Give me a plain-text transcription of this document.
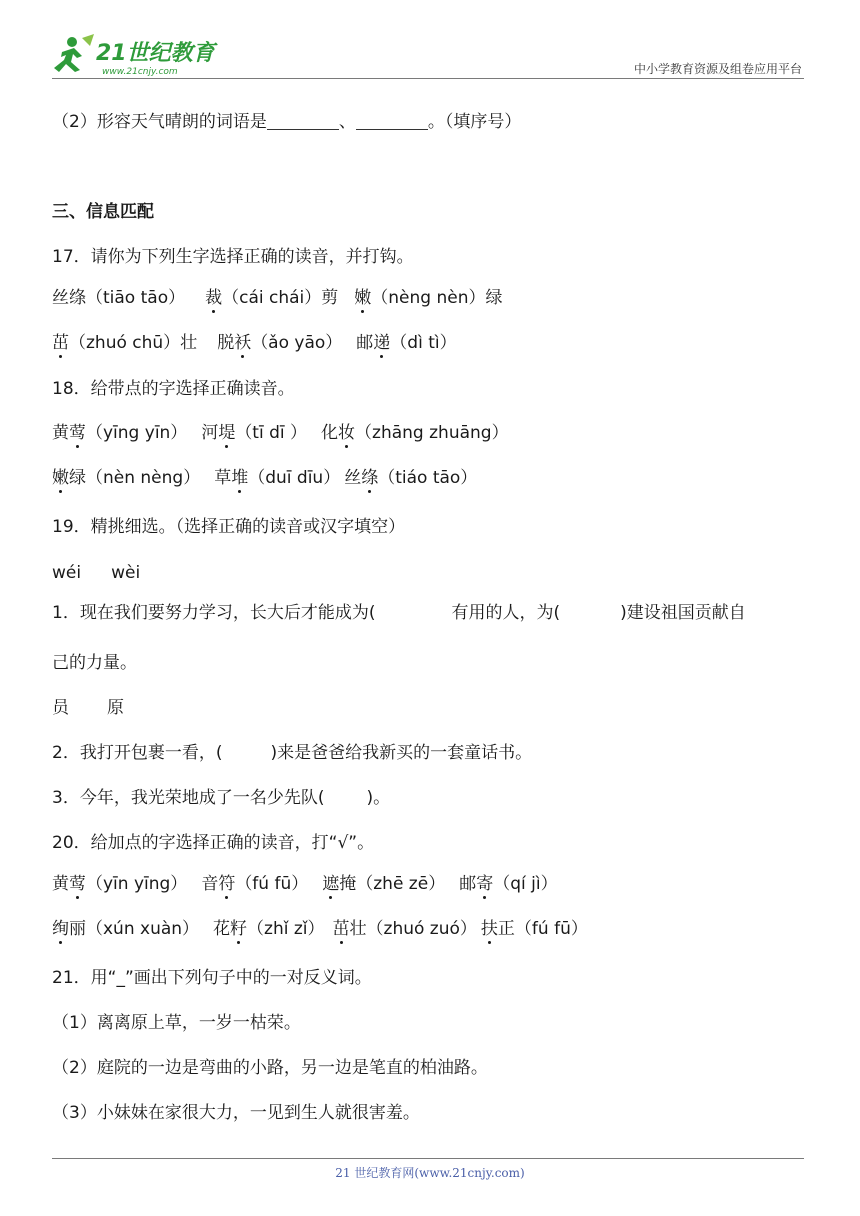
21世纪教育
www.21cnjy.com	中小学教育资源及组卷应用平台
（2）形容天气晴朗的词语是	、	。（填序号）
三、信息匹配
17．请你为下列生字选择正确的读音，并打钩。
丝绦（tiāo tāo） 裁（cái chái）剪 嫩（nèng nèn）绿
茁（zhuó chū）壮 脱袄（ǎo yāo） 邮递（dì tì）
18．给带点的字选择正确读音。
黄莺（yīng yīn） 河堤（tī dī ） 化妆（zhāng zhuāng）
嫩绿（nèn nèng） 草堆（duī dīu） 丝绦（tiáo tāo）
19．精挑细选。（选择正确的读音或汉字填空）
wéi wèi
1．现在我们要努力学习，长大后才能成为(	有用的人，为(	)建设祖国贡献自
己的力量。
员 原
2．我打开包裹一看，(	)来是爸爸给我新买的一套童话书。
3．今年，我光荣地成了一名少先队( )。
20．给加点的字选择正确的读音，打“√”。
黄莺（yīn yīng） 音符（fú fū） 遮掩（zhē zē） 邮寄（qí jì）
绚丽（xún xuàn） 花籽（zhǐ zǐ） 茁壮（zhuó zuó） 扶正（fú fū）
21．用“_”画出下列句子中的一对反义词。
（1）离离原上草，一岁一枯荣。
（2）庭院的一边是弯曲的小路，另一边是笔直的柏油路。
（3）小妹妹在家很大力，一见到生人就很害羞。
21 世纪教育网(www.21cnjy.com)
